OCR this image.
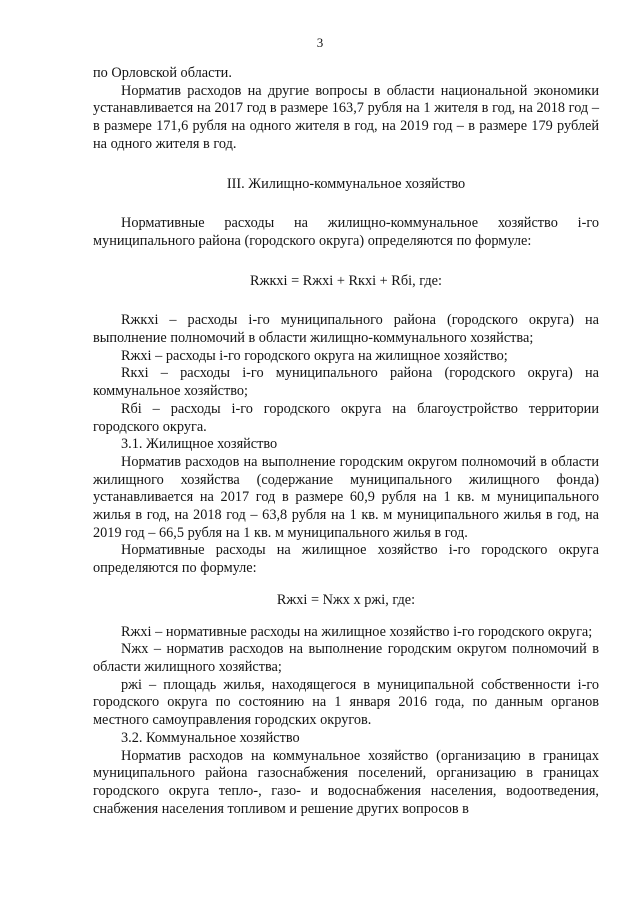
3

по Орловской области.

Норматив расходов на другие вопросы в области национальной экономики устанавливается на 2017 год в размере 163,7 рубля на 1 жителя в год, на 2018 год – в размере 171,6 рубля на одного жителя в год, на 2019 год – в размере 179 рублей на одного жителя в год.

III. Жилищно-коммунальное хозяйство

Нормативные расходы на жилищно-коммунальное хозяйство i-го муниципального района (городского округа) определяются по формуле:

Rжкхi = Rжхi + Rкхi + Rбi, где:

Rжкхi – расходы i-го муниципального района (городского округа) на выполнение полномочий в области жилищно-коммунального хозяйства;

Rжхi – расходы i-го городского округа на жилищное хозяйство;

Rкхi – расходы i-го муниципального района (городского округа) на коммунальное хозяйство;

Rбi – расходы i-го городского округа на благоустройство территории городского округа.

3.1. Жилищное хозяйство

Норматив расходов на выполнение городским округом полномочий в области жилищного хозяйства (содержание муниципального жилищного фонда) устанавливается на 2017 год в размере 60,9 рубля на 1 кв. м муниципального жилья в год, на 2018 год – 63,8 рубля на 1 кв. м муниципального жилья в год, на 2019 год – 66,5 рубля на 1 кв. м муниципального жилья в год.

Нормативные расходы на жилищное хозяйство i-го городского округа определяются по формуле:

Rжхi = Nжх х ржi, где:

Rжхi – нормативные расходы на жилищное хозяйство i-го городского округа;

Nжх – норматив расходов на выполнение городским округом полномочий в области жилищного хозяйства;

ржi – площадь жилья, находящегося в муниципальной собственности i-го городского округа по состоянию на 1 января 2016 года, по данным органов местного самоуправления городских округов.

3.2. Коммунальное хозяйство

Норматив расходов на коммунальное хозяйство (организацию в границах муниципального района газоснабжения поселений, организацию в границах городского округа тепло-, газо- и водоснабжения населения, водоотведения, снабжения населения топливом и решение других вопросов в
